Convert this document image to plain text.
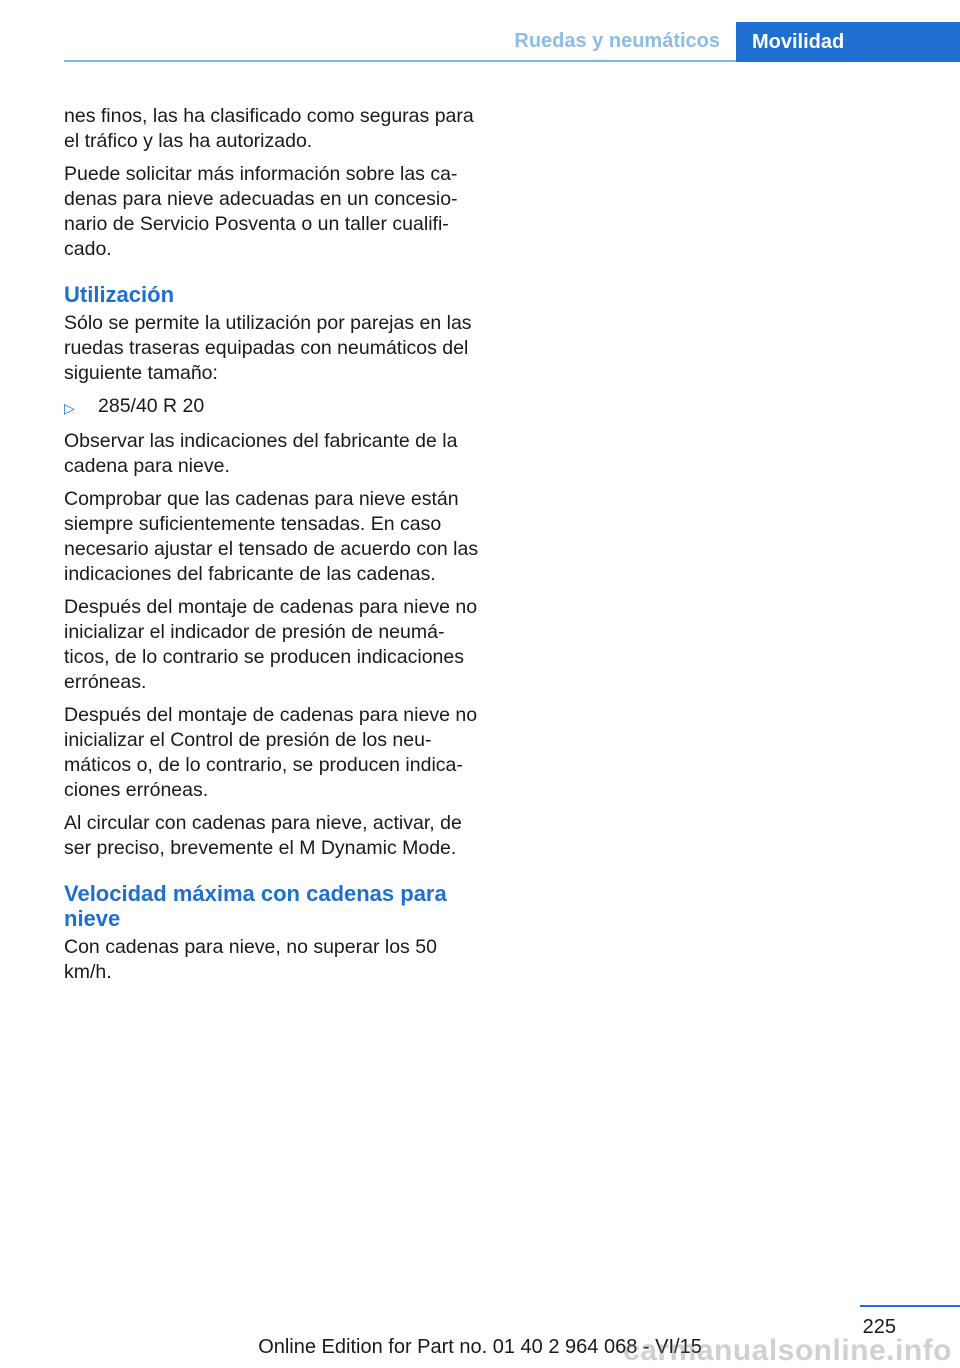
Ruedas y neumáticos	Movilidad

nes finos, las ha clasificado como seguras para el tráfico y las ha autorizado.

Puede solicitar más información sobre las ca‐ denas para nieve adecuadas en un concesio‐ nario de Servicio Posventa o un taller cualifi‐ cado.

Utilización

Sólo se permite la utilización por parejas en las ruedas traseras equipadas con neumáticos del siguiente tamaño:

▷	285/40 R 20

Observar las indicaciones del fabricante de la cadena para nieve.

Comprobar que las cadenas para nieve están siempre suficientemente tensadas. En caso necesario ajustar el tensado de acuerdo con las indicaciones del fabricante de las cadenas.

Después del montaje de cadenas para nieve no inicializar el indicador de presión de neumá‐ ticos, de lo contrario se producen indicaciones erróneas.

Después del montaje de cadenas para nieve no inicializar el Control de presión de los neu‐ máticos o, de lo contrario, se producen indica‐ ciones erróneas.

Al circular con cadenas para nieve, activar, de ser preciso, brevemente el M Dynamic Mode.

Velocidad máxima con cadenas para nieve

Con cadenas para nieve, no superar los 50 km/h.

225
Online Edition for Part no. 01 40 2 964 068 - VI/15
carmanualsonline.info
